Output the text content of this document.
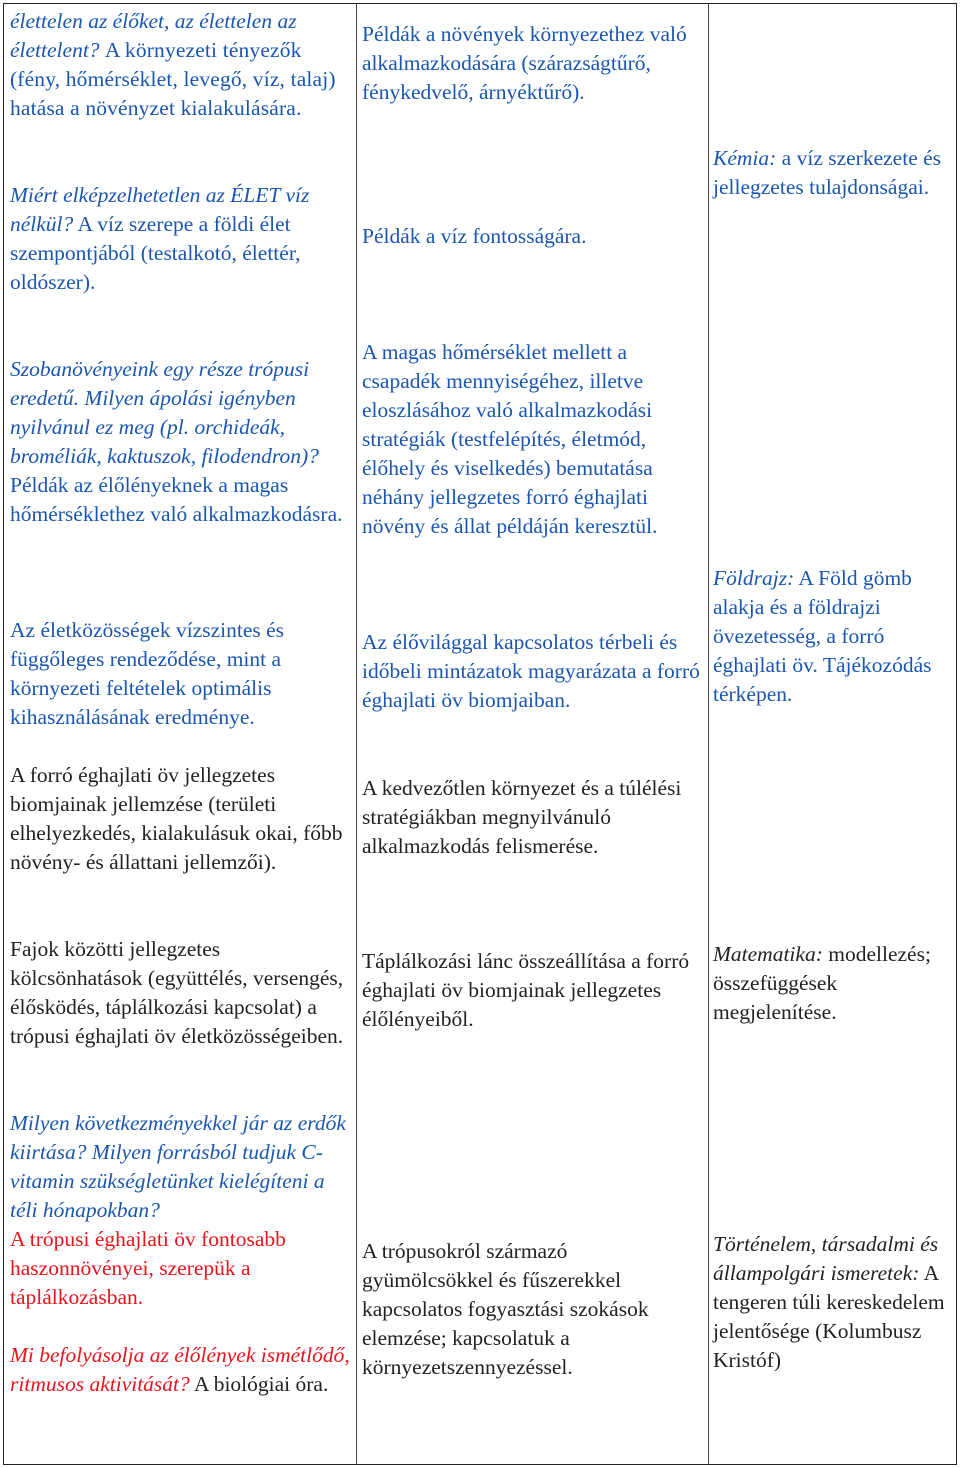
élettelen az élőket, az élettelen az élettelent? A környezeti tényezők (fény, hőmérséklet, levegő, víz, talaj) hatása a növényzet kialakulására.
Miért elképzelhetetlen az ÉLET víz nélkül? A víz szerepe a földi élet szempontjából (testalkotó, élettér, oldószer).
Szobanövényeink egy része trópusi eredetű. Milyen ápolási igényben nyilvánul ez meg (pl. orchideák, broméliák, kaktuszok, filodendron)? Példák az élőlényeknek a magas hőmérséklethez való alkalmazkodásra.
Az életközösségek vízszintes és függőleges rendeződése, mint a környezeti feltételek optimális kihasználásának eredménye.
A forró éghajlati öv jellegzetes biomjainak jellemzése (területi elhelyezkedés, kialakulásuk okai, főbb növény- és állattani jellemzői).
Fajok közötti jellegzetes kölcsönhatások (együttélés, versengés, élősködés, táplálkozási kapcsolat) a trópusi éghajlati öv életközösségeiben.
Milyen következményekkel jár az erdők kiirtása? Milyen forrásból tudjuk C-vitamin szükségletünket kielégíteni a téli hónapokban?
A trópusi éghajlati öv fontosabb haszonnövényei, szerepük a táplálkozásban.

Mi befolyásolja az élőlények ismétlődő, ritmusos aktivitását? A biológiai óra.
Példák a növények környezethez való alkalmazkodására (szárazságtűrő, fénykedvelő, árnyéktűrő).
Példák a víz fontosságára.
A magas hőmérséklet mellett a csapadék mennyiségéhez, illetve eloszlásához való alkalmazkodási stratégiák (testfelépítés, életmód, élőhely és viselkedés) bemutatása néhány jellegzetes forró éghajlati növény és állat példáján keresztül.
Az élővilággal kapcsolatos térbeli és időbeli mintázatok magyarázata a forró éghajlati öv biomjaiban.
A kedvezőtlen környezet és a túlélési stratégiákban megnyilvánuló alkalmazkodás felismerése.
Táplálkozási lánc összeállítása a forró éghajlati öv biomjainak jellegzetes élőlényeiből.
A trópusokról származó gyümölcsökkel és fűszerekkel kapcsolatos fogyasztási szokások elemzése; kapcsolatuk a környezetszennyezéssel.
Kémia: a víz szerkezete és jellegzetes tulajdonságai.
Földrajz: A Föld gömb alakja és a földrajzi övezetesség, a forró éghajlati öv. Tájékozódás térképen.
Matematika: modellezés; összefüggések megjelenítése.
Történelem, társadalmi és állampolgári ismeretek: A tengeren túli kereskedelem jelentősége (Kolumbusz Kristóf)
